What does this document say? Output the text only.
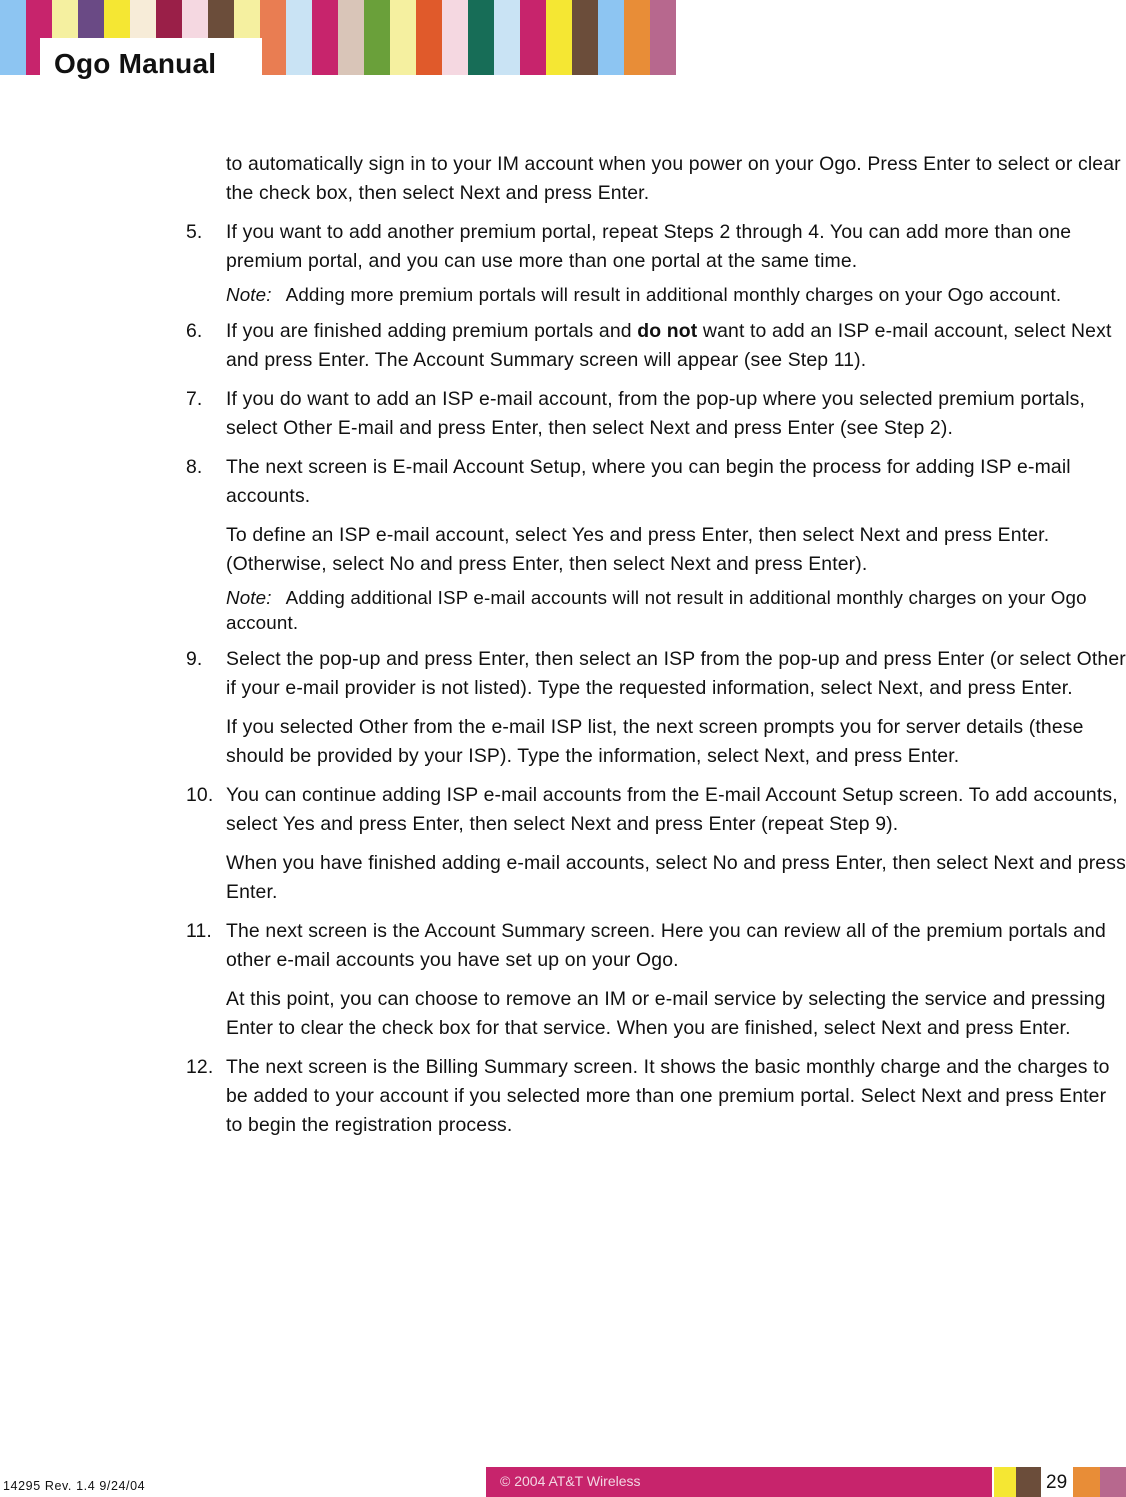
Ogo Manual
to automatically sign in to your IM account when you power on your Ogo. Press Enter to select or clear the check box, then select Next and press Enter.
5.	If you want to add another premium portal, repeat Steps 2 through 4. You can add more than one premium portal, and you can use more than one portal at the same time.
Note: Adding more premium portals will result in additional monthly charges on your Ogo account.
6.	If you are finished adding premium portals and do not want to add an ISP e-mail account, select Next and press Enter. The Account Summary screen will appear (see Step 11).
7.	If you do want to add an ISP e-mail account, from the pop-up where you selected premium portals, select Other E-mail and press Enter, then select Next and press Enter (see Step 2).
8.	The next screen is E-mail Account Setup, where you can begin the process for adding ISP e-mail accounts.
To define an ISP e-mail account, select Yes and press Enter, then select Next and press Enter. (Otherwise, select No and press Enter, then select Next and press Enter).
Note: Adding additional ISP e-mail accounts will not result in additional monthly charges on your Ogo account.
9.	Select the pop-up and press Enter, then select an ISP from the pop-up and press Enter (or select Other if your e-mail provider is not listed). Type the requested information, select Next, and press Enter.
If you selected Other from the e-mail ISP list, the next screen prompts you for server details (these should be provided by your ISP). Type the information, select Next, and press Enter.
10. You can continue adding ISP e-mail accounts from the E-mail Account Setup screen. To add accounts, select Yes and press Enter, then select Next and press Enter (repeat Step 9).
When you have finished adding e-mail accounts, select No and press Enter, then select Next and press Enter.
11. The next screen is the Account Summary screen. Here you can review all of the premium portals and other e-mail accounts you have set up on your Ogo.
At this point, you can choose to remove an IM or e-mail service by selecting the service and pressing Enter to clear the check box for that service. When you are finished, select Next and press Enter.
12. The next screen is the Billing Summary screen. It shows the basic monthly charge and the charges to be added to your account if you selected more than one premium portal. Select Next and press Enter to begin the registration process.
14295 Rev. 1.4 9/24/04	© 2004 AT&T Wireless	29
